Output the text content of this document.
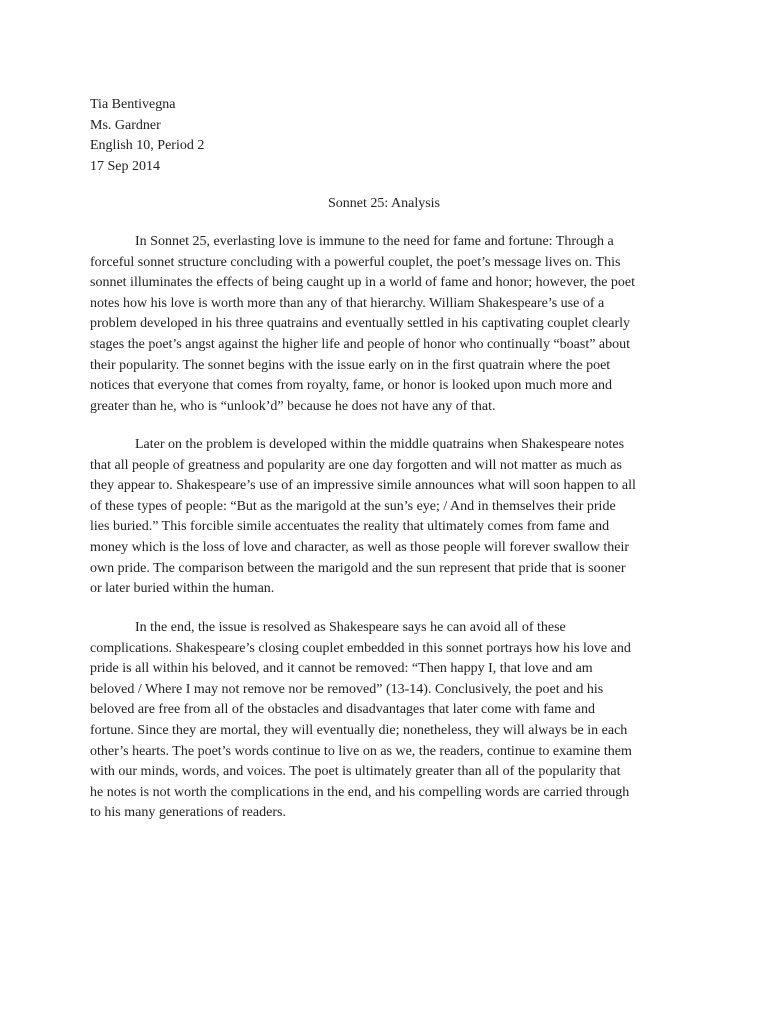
Tia Bentivegna
Ms. Gardner
English 10, Period 2
17 Sep 2014
Sonnet 25: Analysis
In Sonnet 25, everlasting love is immune to the need for fame and fortune: Through a
forceful sonnet structure concluding with a powerful couplet, the poet’s message lives on. This
sonnet illuminates the effects of being caught up in a world of fame and honor; however, the poet
notes how his love is worth more than any of that hierarchy. William Shakespeare’s use of a
problem developed in his three quatrains and eventually settled in his captivating couplet clearly
stages the poet’s angst against the higher life and people of honor who continually “boast” about
their popularity. The sonnet begins with the issue early on in the first quatrain where the poet
notices that everyone that comes from royalty, fame, or honor is looked upon much more and
greater than he, who is “unlook’d” because he does not have any of that.
Later on the problem is developed within the middle quatrains when Shakespeare notes
that all people of greatness and popularity are one day forgotten and will not matter as much as
they appear to. Shakespeare’s use of an impressive simile announces what will soon happen to all
of these types of people: “But as the marigold at the sun’s eye; / And in themselves their pride
lies buried.” This forcible simile accentuates the reality that ultimately comes from fame and
money which is the loss of love and character, as well as those people will forever swallow their
own pride. The comparison between the marigold and the sun represent that pride that is sooner
or later buried within the human.
In the end, the issue is resolved as Shakespeare says he can avoid all of these
complications. Shakespeare’s closing couplet embedded in this sonnet portrays how his love and
pride is all within his beloved, and it cannot be removed: “Then happy I, that love and am
beloved / Where I may not remove nor be removed” (13-14). Conclusively, the poet and his
beloved are free from all of the obstacles and disadvantages that later come with fame and
fortune. Since they are mortal, they will eventually die; nonetheless, they will always be in each
other’s hearts. The poet’s words continue to live on as we, the readers, continue to examine them
with our minds, words, and voices. The poet is ultimately greater than all of the popularity that
he notes is not worth the complications in the end, and his compelling words are carried through
to his many generations of readers.
